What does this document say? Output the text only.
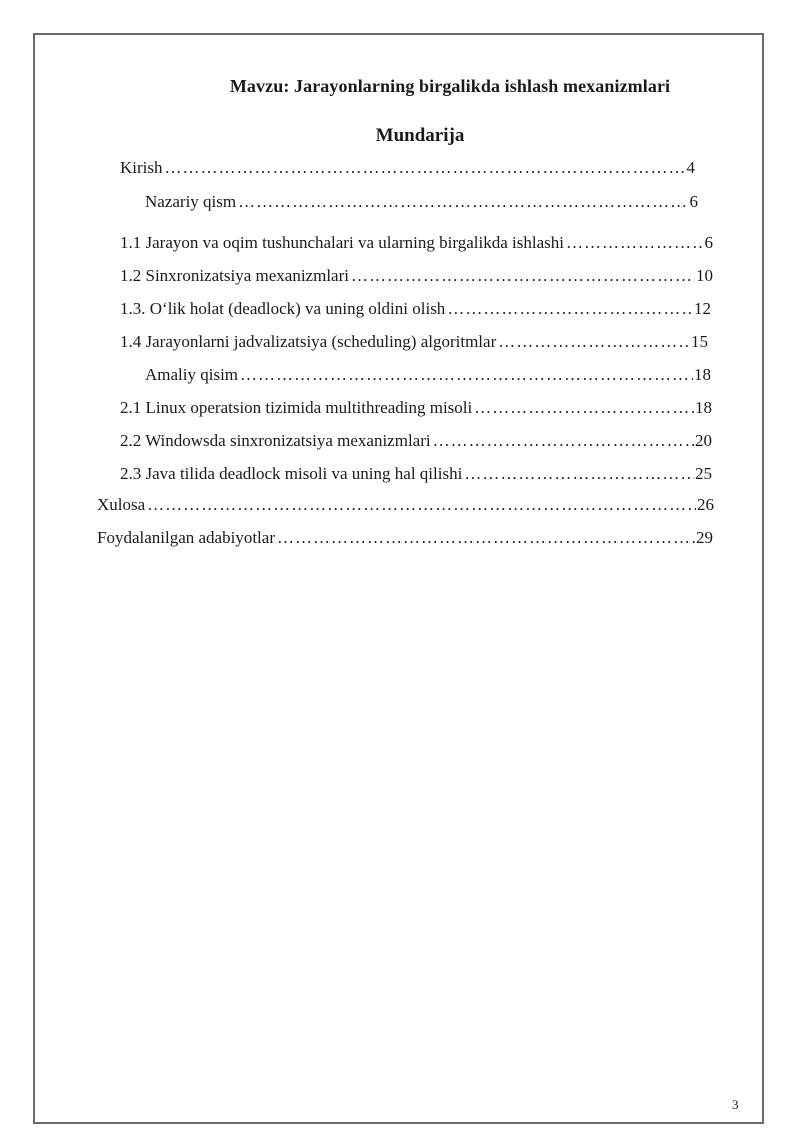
Mavzu: Jarayonlarning birgalikda ishlash mexanizmlari
Mundarija
Kirish …………………………………………………………………………………………………………………………………………………………………………………………	4
Nazariy qism …………………………………………………………………………………………………………………………………………………………………………………………	6
1.1 Jarayon va oqim tushunchalari va ularning birgalikda ishlashi …………………………………………………………………………………………………………………………………………………………………………………………	6
1.2 Sinxronizatsiya mexanizmlari …………………………………………………………………………………………………………………………………………………………………………………………	10
1.3. O‘lik holat (deadlock) va uning oldini olish …………………………………………………………………………………………………………………………………………………………………………………………	12
1.4 Jarayonlarni jadvalizatsiya (scheduling) algoritmlar …………………………………………………………………………………………………………………………………………………………………………………………	15
Amaliy qisim …………………………………………………………………………………………………………………………………………………………………………………………	18
2.1 Linux operatsion tizimida multithreading misoli …………………………………………………………………………………………………………………………………………………………………………………………	18
2.2 Windowsda sinxronizatsiya mexanizmlari …………………………………………………………………………………………………………………………………………………………………………………………	20
2.3 Java tilida deadlock misoli va uning hal qilishi …………………………………………………………………………………………………………………………………………………………………………………………	25
Xulosa …………………………………………………………………………………………………………………………………………………………………………………………	26
Foydalanilgan adabiyotlar …………………………………………………………………………………………………………………………………………………………………………………………	29
3
